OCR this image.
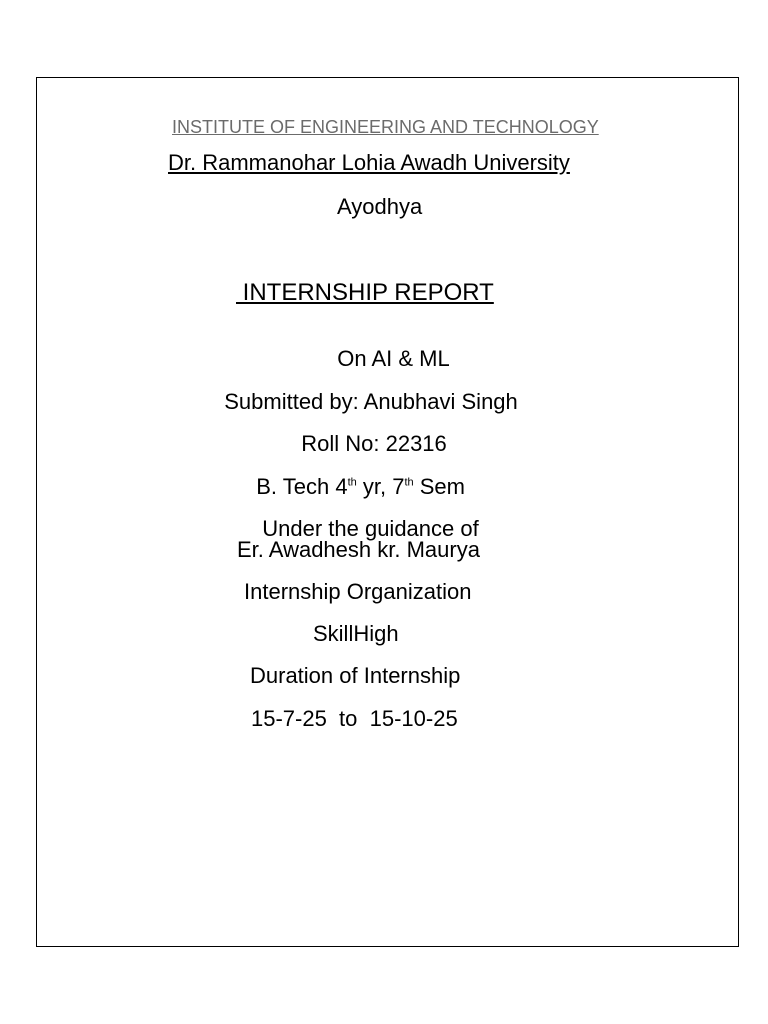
INSTITUTE OF ENGINEERING AND TECHNOLOGY
Dr. Rammanohar Lohia Awadh University
Ayodhya
INTERNSHIP REPORT

On AI & ML

Submitted by: Anubhavi Singh

Roll No: 22316

B. Tech 4th yr, 7th Sem

Under the guidance of

Er. Awadhesh kr. Maurya
Internship Organization
SkillHigh
Duration of Internship
15-7-25  to  15-10-25
